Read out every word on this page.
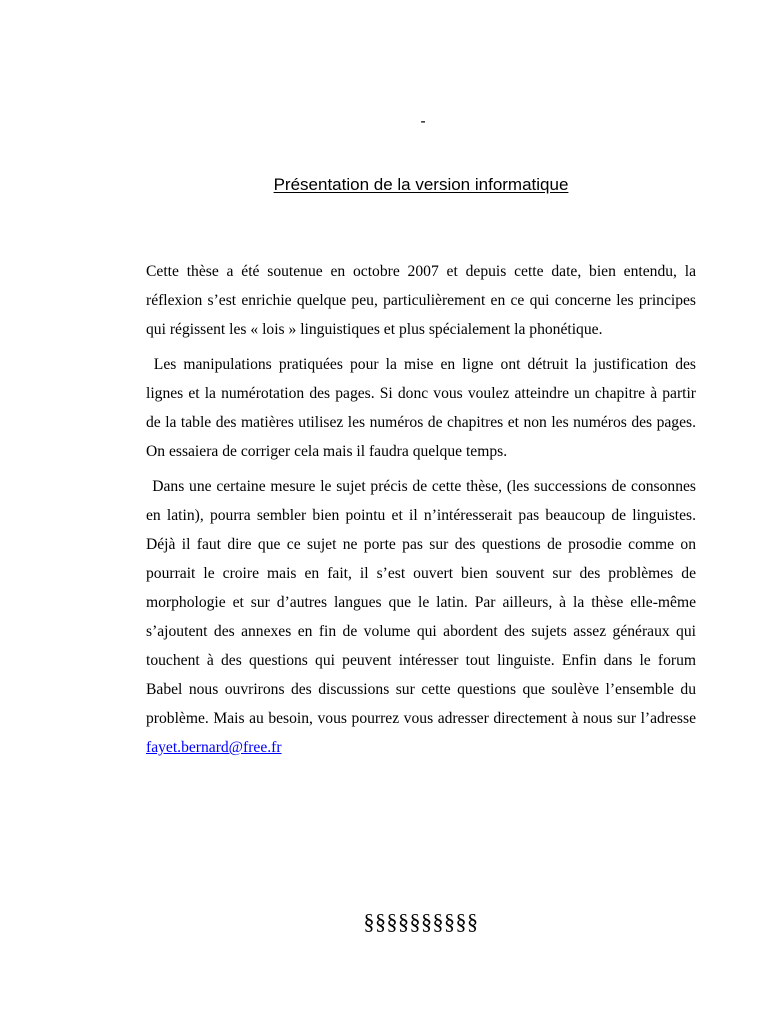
-
Présentation de la version informatique

Cette thèse a été soutenue en octobre 2007 et depuis cette date, bien entendu, la réflexion s’est enrichie quelque peu, particulièrement en ce qui concerne les principes qui régissent les « lois » linguistiques et plus spécialement la phonétique.

Les manipulations pratiquées pour la mise en ligne ont détruit la justification des lignes et la numérotation des pages. Si donc vous voulez atteindre un chapitre à partir de la table des matières utilisez les numéros de chapitres et non les numéros des pages. On essaiera de corriger cela mais il faudra quelque temps.

Dans une certaine mesure le sujet précis de cette thèse, (les successions de consonnes en latin), pourra sembler bien pointu et il n’intéresserait pas beaucoup de linguistes. Déjà il faut dire que ce sujet ne porte pas sur des questions de prosodie comme on pourrait le croire mais en fait, il s’est ouvert bien souvent sur des problèmes de morphologie et sur d’autres langues que le latin. Par ailleurs, à la thèse elle-même s’ajoutent des annexes en fin de volume qui abordent des sujets assez généraux qui touchent à des questions qui peuvent intéresser tout linguiste. Enfin dans le forum Babel nous ouvrirons des discussions sur cette questions que soulève l’ensemble du problème. Mais au besoin, vous pourrez vous adresser directement à nous sur l’adresse fayet.bernard@free.fr

§§§§§§§§§§
